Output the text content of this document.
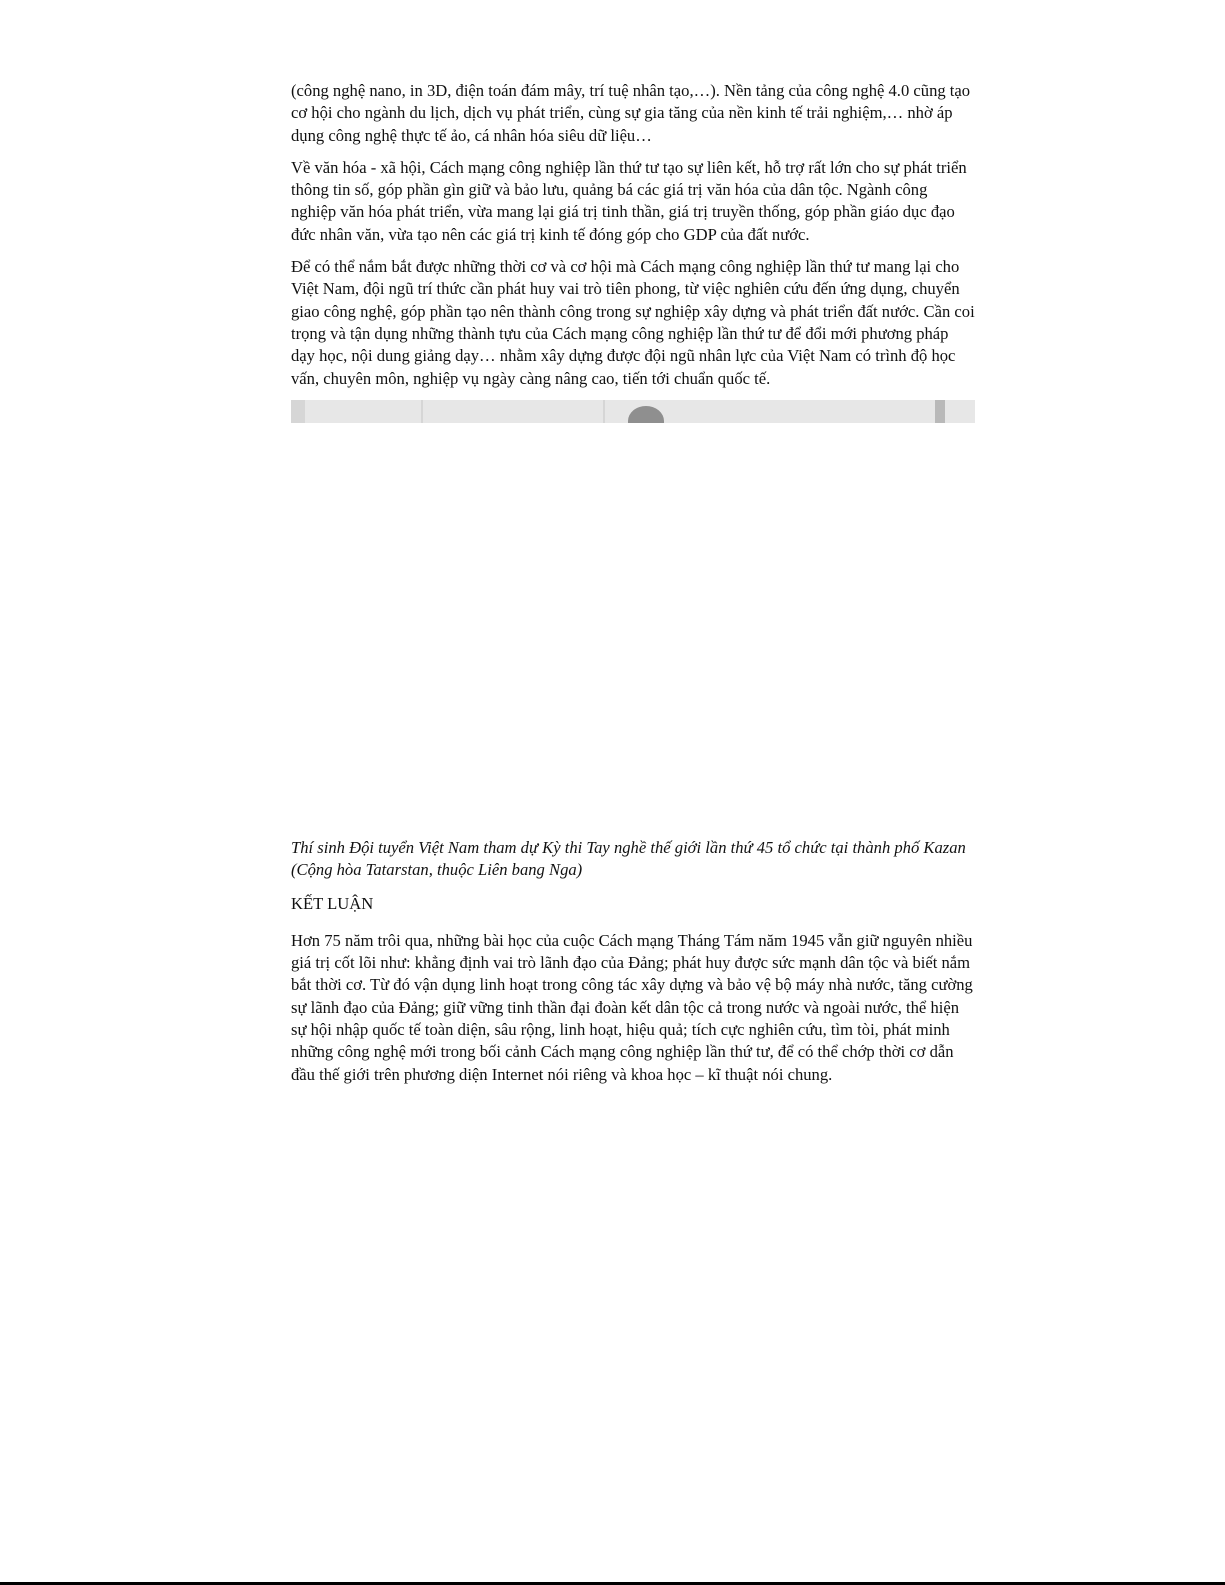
(công nghệ nano, in 3D, điện toán đám mây, trí tuệ nhân tạo,…). Nền tảng của công nghệ 4.0 cũng tạo cơ hội cho ngành du lịch, dịch vụ phát triển, cùng sự gia tăng của nền kinh tế trải nghiệm,… nhờ áp dụng công nghệ thực tế ảo, cá nhân hóa siêu dữ liệu…

Về văn hóa - xã hội, Cách mạng công nghiệp lần thứ tư tạo sự liên kết, hỗ trợ rất lớn cho sự phát triển thông tin số, góp phần gìn giữ và bảo lưu, quảng bá các giá trị văn hóa của dân tộc. Ngành công nghiệp văn hóa phát triển, vừa mang lại giá trị tinh thần, giá trị truyền thống, góp phần giáo dục đạo đức nhân văn, vừa tạo nên các giá trị kinh tế đóng góp cho GDP của đất nước.

Để có thể nắm bắt được những thời cơ và cơ hội mà Cách mạng công nghiệp lần thứ tư mang lại cho Việt Nam, đội ngũ trí thức cần phát huy vai trò tiên phong, từ việc nghiên cứu đến ứng dụng, chuyển giao công nghệ, góp phần tạo nên thành công trong sự nghiệp xây dựng và phát triển đất nước. Cần coi trọng và tận dụng những thành tựu của Cách mạng công nghiệp lần thứ tư để đổi mới phương pháp dạy học, nội dung giảng dạy… nhằm xây dựng được đội ngũ nhân lực của Việt Nam có trình độ học vấn, chuyên môn, nghiệp vụ ngày càng nâng cao, tiến tới chuẩn quốc tế.

Thí sinh Đội tuyển Việt Nam tham dự Kỳ thi Tay nghề thế giới lần thứ 45 tổ chức tại thành phố Kazan (Cộng hòa Tatarstan, thuộc Liên bang Nga)

KẾT LUẬN

Hơn 75 năm trôi qua, những bài học của cuộc Cách mạng Tháng Tám năm 1945 vẫn giữ nguyên nhiều giá trị cốt lõi như: khẳng định vai trò lãnh đạo của Đảng; phát huy được sức mạnh dân tộc và biết nắm bắt thời cơ. Từ đó vận dụng linh hoạt trong công tác xây dựng và bảo vệ bộ máy nhà nước, tăng cường sự lãnh đạo của Đảng; giữ vững tinh thần đại đoàn kết dân tộc cả trong nước và ngoài nước, thể hiện sự hội nhập quốc tế toàn diện, sâu rộng, linh hoạt, hiệu quả; tích cực nghiên cứu, tìm tòi, phát minh những công nghệ mới trong bối cảnh Cách mạng công nghiệp lần thứ tư, để có thể chớp thời cơ dẫn đầu thế giới trên phương diện Internet nói riêng và khoa học – kĩ thuật nói chung.
